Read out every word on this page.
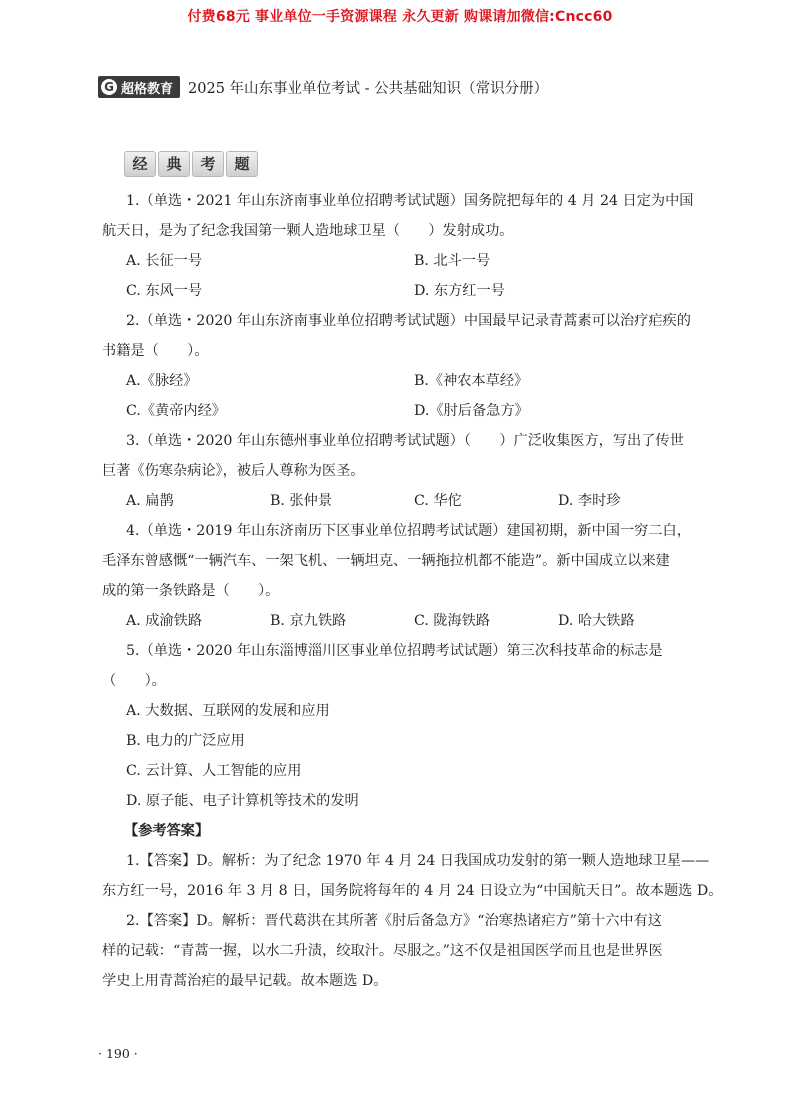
付费68元 事业单位一手资源课程 永久更新 购课请加微信:Cncc60
G 超格教育 2025 年山东事业单位考试 - 公共基础知识（常识分册）
经	典	考	题
1.（单选・2021 年山东济南事业单位招聘考试试题）国务院把每年的 4 月 24 日定为中国
航天日，是为了纪念我国第一颗人造地球卫星（　　）发射成功。
A. 长征一号	B. 北斗一号
C. 东风一号	D. 东方红一号
2.（单选・2020 年山东济南事业单位招聘考试试题）中国最早记录青蒿素可以治疗疟疾的
书籍是（　　）。
A.《脉经》	B.《神农本草经》
C.《黄帝内经》	D.《肘后备急方》
3.（单选・2020 年山东德州事业单位招聘考试试题）（　　）广泛收集医方，写出了传世
巨著《伤寒杂病论》，被后人尊称为医圣。
A. 扁鹊	B. 张仲景	C. 华佗	D. 李时珍
4.（单选・2019 年山东济南历下区事业单位招聘考试试题）建国初期，新中国一穷二白，
毛泽东曾感慨“一辆汽车、一架飞机、一辆坦克、一辆拖拉机都不能造”。新中国成立以来建
成的第一条铁路是（　　）。
A. 成渝铁路	B. 京九铁路	C. 陇海铁路	D. 哈大铁路
5.（单选・2020 年山东淄博淄川区事业单位招聘考试试题）第三次科技革命的标志是
（　　）。
A. 大数据、互联网的发展和应用
B. 电力的广泛应用
C. 云计算、人工智能的应用
D. 原子能、电子计算机等技术的发明
【参考答案】
1.【答案】D。解析：为了纪念 1970 年 4 月 24 日我国成功发射的第一颗人造地球卫星——
东方红一号，2016 年 3 月 8 日，国务院将每年的 4 月 24 日设立为“中国航天日”。故本题选 D。
2.【答案】D。解析：晋代葛洪在其所著《肘后备急方》“治寒热诸疟方”第十六中有这
样的记载：“青蒿一握，以水二升渍，绞取汁。尽服之。”这不仅是祖国医学而且也是世界医
学史上用青蒿治疟的最早记载。故本题选 D。
· 190 ·
